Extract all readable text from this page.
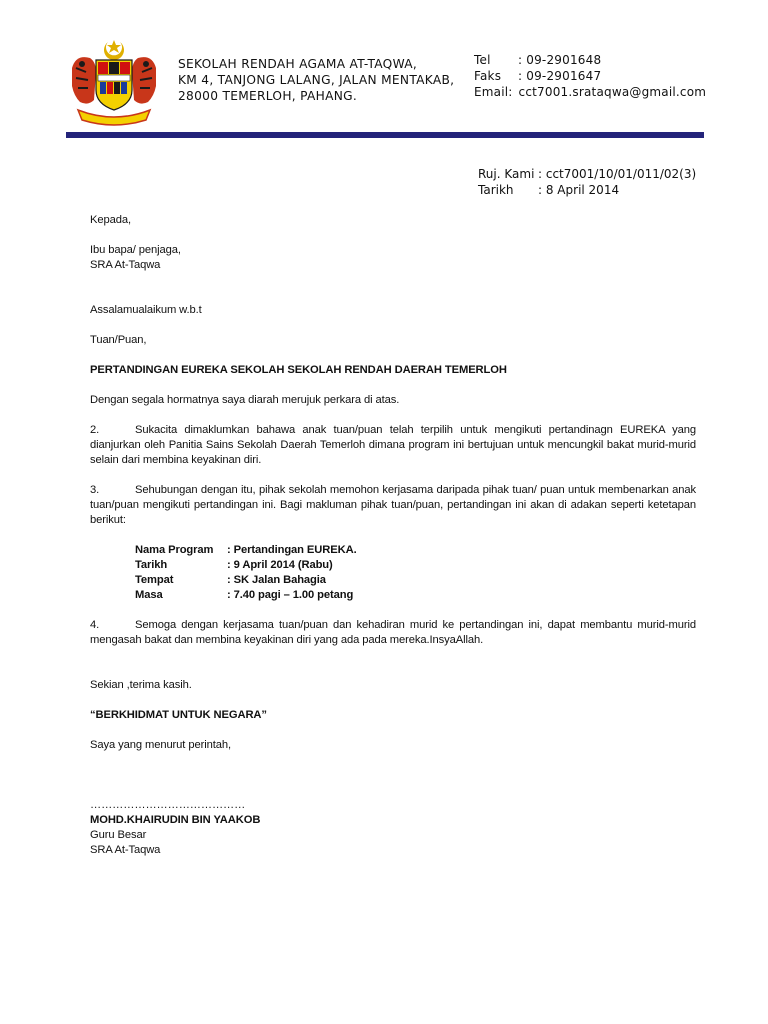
SEKOLAH RENDAH AGAMA AT-TAQWA,
KM 4, TANJONG LALANG, JALAN MENTAKAB,
28000 TEMERLOH, PAHANG.
Tel	: 09-2901648
Faks	: 09-2901647
Email: cct7001.srataqwa@gmail.com
Ruj. Kami : cct7001/10/01/011/02(3)
Tarikh	: 8 April 2014

Kepada,

Ibu bapa/ penjaga,

SRA At-Taqwa

Assalamualaikum w.b.t

Tuan/Puan,

PERTANDINGAN EUREKA SEKOLAH SEKOLAH RENDAH DAERAH TEMERLOH

Dengan segala hormatnya saya diarah merujuk perkara di atas.

2.	Sukacita dimaklumkan bahawa anak tuan/puan telah terpilih untuk mengikuti pertandinagn EUREKA yang dianjurkan oleh Panitia Sains Sekolah Daerah Temerloh dimana program ini bertujuan untuk mencungkil bakat murid-murid selain dari membina keyakinan diri.

3.	Sehubungan dengan itu, pihak sekolah memohon kerjasama daripada pihak tuan/ puan untuk membenarkan anak tuan/puan mengikuti pertandingan ini. Bagi makluman pihak tuan/puan, pertandingan ini akan di adakan seperti ketetapan berikut:

Nama Program	: Pertandingan EUREKA.
Tarikh	: 9 April 2014 (Rabu)
Tempat	: SK Jalan Bahagia
Masa	: 7.40 pagi – 1.00 petang

4.	Semoga dengan kerjasama tuan/puan dan kehadiran murid ke pertandingan ini, dapat membantu murid-murid mengasah bakat dan membina keyakinan diri yang ada pada mereka.InsyaAllah.

Sekian ,terima kasih.

“BERKHIDMAT UNTUK NEGARA”

Saya yang menurut perintah,

……………………………………

MOHD.KHAIRUDIN BIN YAAKOB

Guru Besar

SRA At-Taqwa
